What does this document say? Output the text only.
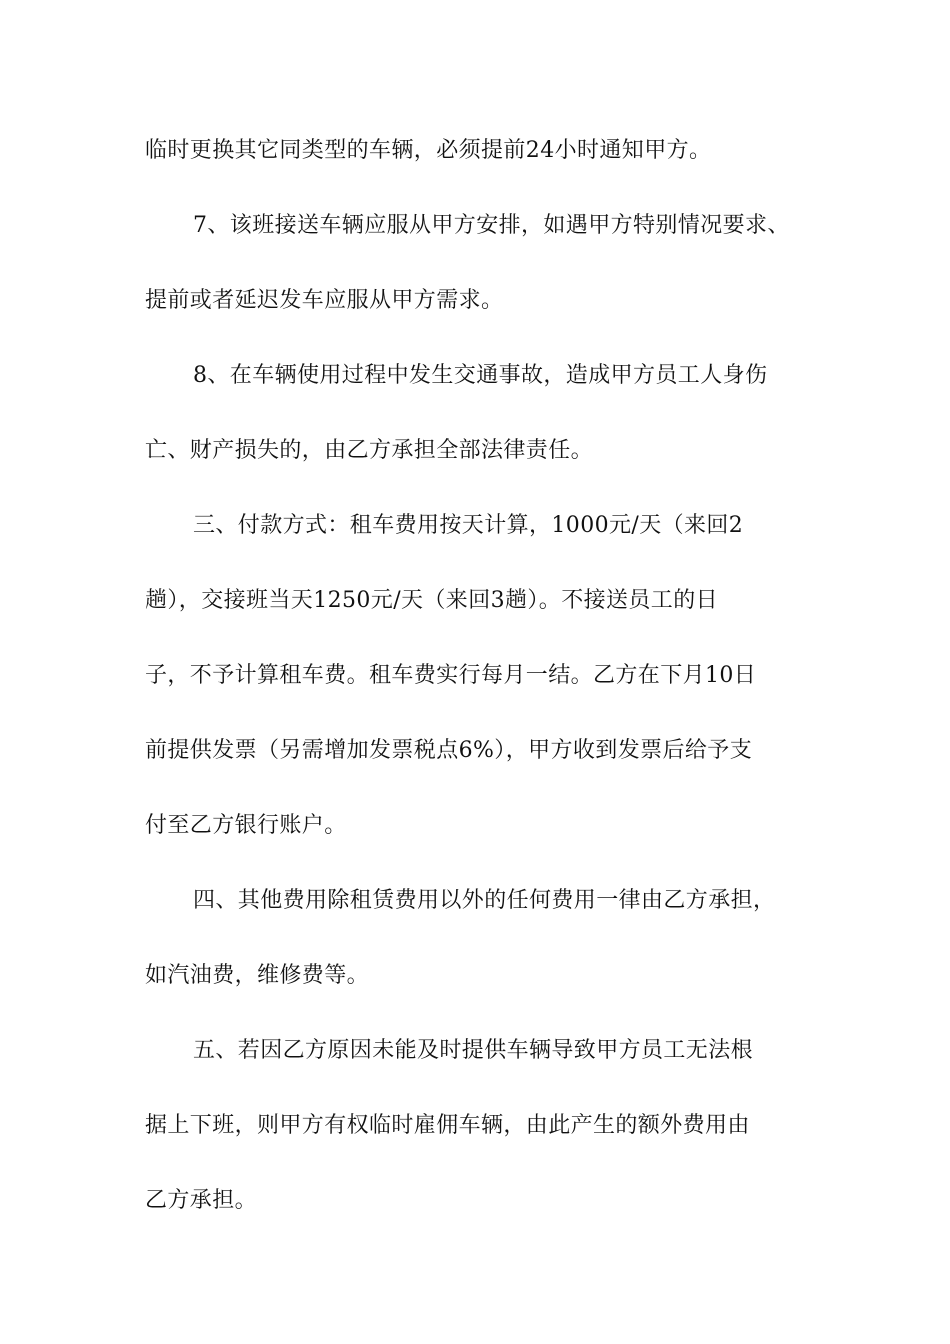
临时更换其它同类型的车辆，必须提前24小时通知甲方。
7、该班接送车辆应服从甲方安排，如遇甲方特别情况要求、
提前或者延迟发车应服从甲方需求。
8、在车辆使用过程中发生交通事故，造成甲方员工人身伤
亡、财产损失的，由乙方承担全部法律责任。
三、付款方式：租车费用按天计算，1000元/天（来回2
趟），交接班当天1250元/天（来回3趟）。不接送员工的日
子，不予计算租车费。租车费实行每月一结。乙方在下月10日
前提供发票（另需增加发票税点6%），甲方收到发票后给予支
付至乙方银行账户。
四、其他费用除租赁费用以外的任何费用一律由乙方承担，
如汽油费，维修费等。
五、若因乙方原因未能及时提供车辆导致甲方员工无法根
据上下班，则甲方有权临时雇佣车辆，由此产生的额外费用由
乙方承担。
